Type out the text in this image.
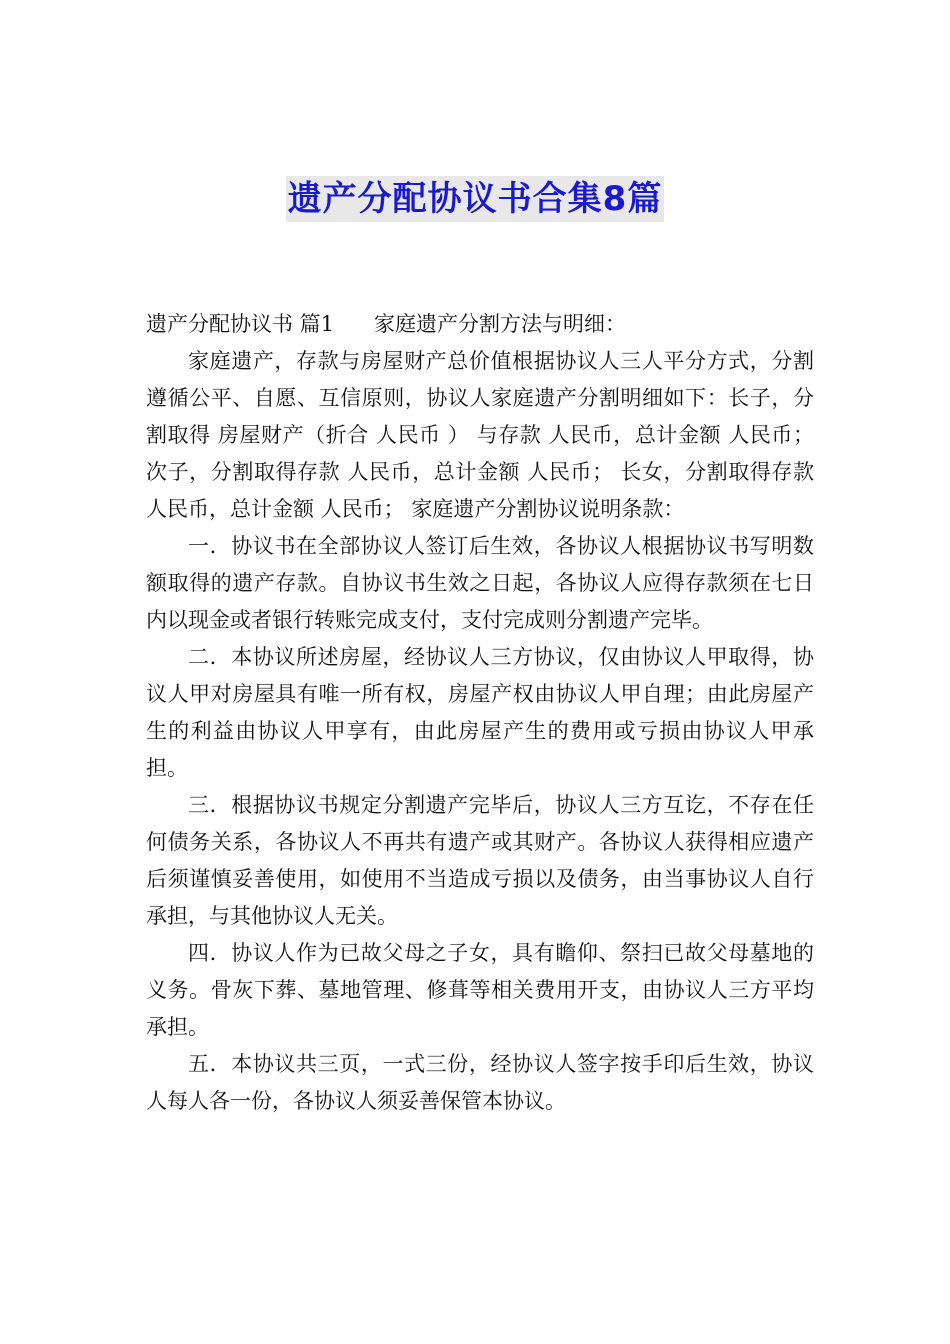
遗产分配协议书合集8篇

遗产分配协议书 篇1 家庭遗产分割方法与明细：

家庭遗产，存款与房屋财产总价值根据协议人三人平分方式，分割遵循公平、自愿、互信原则，协议人家庭遗产分割明细如下：长子，分割取得 房屋财产（折合 人民币 ） 与存款 人民币，总计金额 人民币； 次子，分割取得存款 人民币，总计金额 人民币； 长女，分割取得存款 人民币，总计金额 人民币； 家庭遗产分割协议说明条款：

一．协议书在全部协议人签订后生效，各协议人根据协议书写明数额取得的遗产存款。自协议书生效之日起，各协议人应得存款须在七日内以现金或者银行转账完成支付，支付完成则分割遗产完毕。

二．本协议所述房屋，经协议人三方协议，仅由协议人甲取得，协议人甲对房屋具有唯一所有权，房屋产权由协议人甲自理；由此房屋产生的利益由协议人甲享有，由此房屋产生的费用或亏损由协议人甲承担。

三．根据协议书规定分割遗产完毕后，协议人三方互讫，不存在任何债务关系，各协议人不再共有遗产或其财产。各协议人获得相应遗产后须谨慎妥善使用，如使用不当造成亏损以及债务，由当事协议人自行承担，与其他协议人无关。

四．协议人作为已故父母之子女，具有瞻仰、祭扫已故父母墓地的义务。骨灰下葬、墓地管理、修葺等相关费用开支，由协议人三方平均承担。

五．本协议共三页，一式三份，经协议人签字按手印后生效，协议人每人各一份，各协议人须妥善保管本协议。
